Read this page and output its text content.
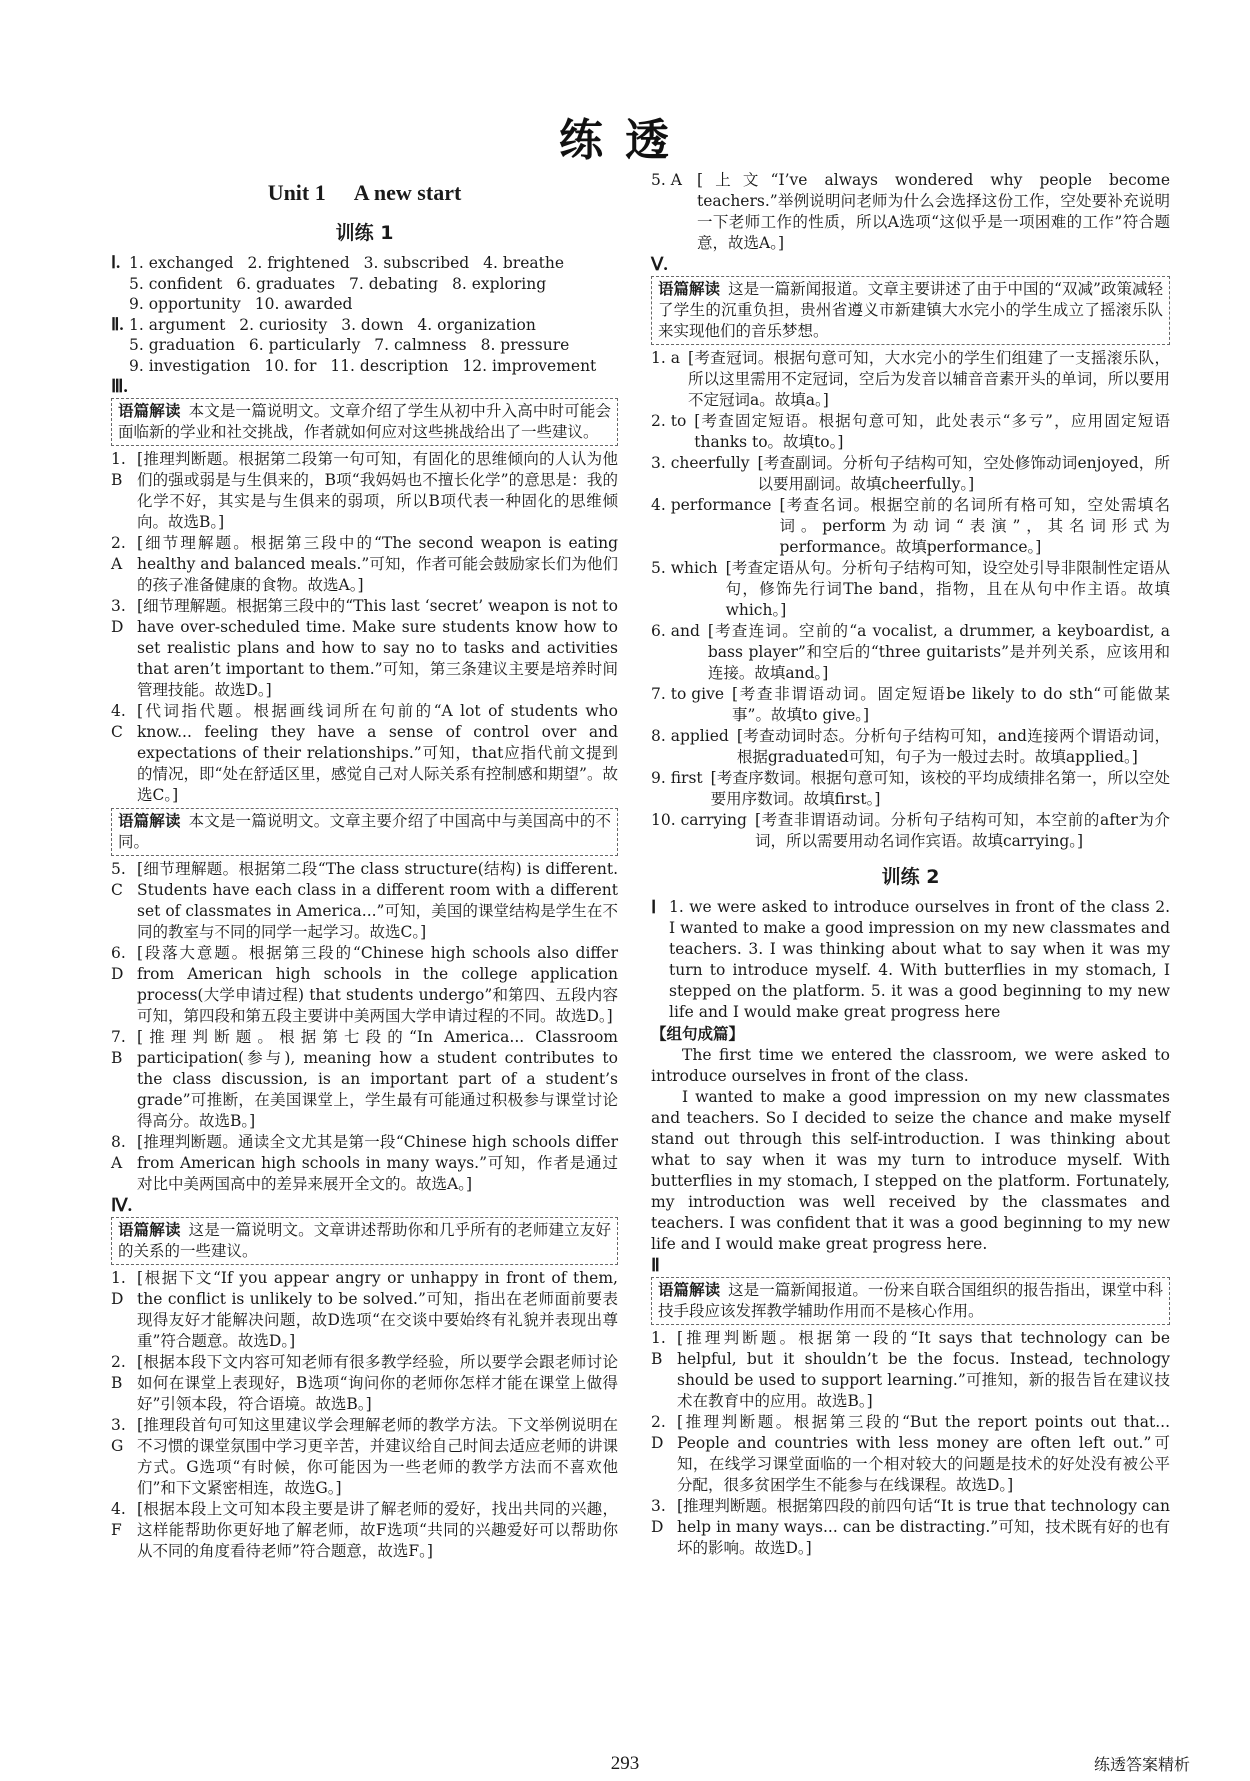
练透
Unit 1 A new start
训练 1
Ⅰ. 1. exchanged 2. frightened 3. subscribed 4. breathe 5. confident 6. graduates 7. debating 8. exploring 9. opportunity 10. awarded
Ⅱ. 1. argument 2. curiosity 3. down 4. organization 5. graduation 6. particularly 7. calmness 8. pressure 9. investigation 10. for 11. description 12. improvement
Ⅲ.
语篇解读 本文是一篇说明文。文章介绍了学生从初中升入高中时可能会面临新的学业和社交挑战，作者就如何应对这些挑战给出了一些建议。
1. B
[推理判断题。根据第二段第一句可知，有固化的思维倾向的人认为他们的强或弱是与生俱来的，B项“我妈妈也不擅长化学”的意思是：我的化学不好，其实是与生俱来的弱项，所以B项代表一种固化的思维倾向。故选B。]
2. A
[细节理解题。根据第三段中的“The second weapon is eating healthy and balanced meals.”可知，作者可能会鼓励家长们为他们的孩子准备健康的食物。故选A。]
3. D
[细节理解题。根据第三段中的“This last ‘secret’ weapon is not to have over-scheduled time. Make sure students know how to set realistic plans and how to say no to tasks and activities that aren’t important to them.”可知，第三条建议主要是培养时间管理技能。故选D。]
4. C
[代词指代题。根据画线词所在句前的“A lot of students who know... feeling they have a sense of control over and expectations of their relationships.”可知，that应指代前文提到的情况，即“处在舒适区里，感觉自己对人际关系有控制感和期望”。故选C。]
语篇解读 本文是一篇说明文。文章主要介绍了中国高中与美国高中的不同。
5. C
[细节理解题。根据第二段“The class structure(结构) is different. Students have each class in a different room with a different set of classmates in America...”可知，美国的课堂结构是学生在不同的教室与不同的同学一起学习。故选C。]
6. D
[段落大意题。根据第三段的“Chinese high schools also differ from American high schools in the college application process(大学申请过程) that students undergo”和第四、五段内容可知，第四段和第五段主要讲中美两国大学申请过程的不同。故选D。]
7. B
[推理判断题。根据第七段的“In America... Classroom participation(参与), meaning how a student contributes to the class discussion, is an important part of a student’s grade”可推断，在美国课堂上，学生最有可能通过积极参与课堂讨论得高分。故选B。]
8. A
[推理判断题。通读全文尤其是第一段“Chinese high schools differ from American high schools in many ways.”可知，作者是通过对比中美两国高中的差异来展开全文的。故选A。]
Ⅳ.
语篇解读 这是一篇说明文。文章讲述帮助你和几乎所有的老师建立友好的关系的一些建议。
1. D
[根据下文“If you appear angry or unhappy in front of them, the conflict is unlikely to be solved.”可知，指出在老师面前要表现得友好才能解决问题，故D选项“在交谈中要始终有礼貌并表现出尊重”符合题意。故选D。]
2. B
[根据本段下文内容可知老师有很多教学经验，所以要学会跟老师讨论如何在课堂上表现好，B选项“询问你的老师你怎样才能在课堂上做得好”引领本段，符合语境。故选B。]
3. G
[推理段首句可知这里建议学会理解老师的教学方法。下文举例说明在不习惯的课堂氛围中学习更辛苦，并建议给自己时间去适应老师的讲课方式。G选项“有时候，你可能因为一些老师的教学方法而不喜欢他们”和下文紧密相连，故选G。]
4. F
[根据本段上文可知本段主要是讲了解老师的爱好，找出共同的兴趣，这样能帮助你更好地了解老师，故F选项“共同的兴趣爱好可以帮助你从不同的角度看待老师”符合题意，故选F。]
5. A [上文“I’ve always wondered why people become teachers.”举例说明问老师为什么会选择这份工作，空处要补充说明一下老师工作的性质，所以A选项“这似乎是一项困难的工作”符合题意，故选A。]
Ⅴ.
语篇解读 这是一篇新闻报道。文章主要讲述了由于中国的“双减”政策减轻了学生的沉重负担，贵州省遵义市新建镇大水完小的学生成立了摇滚乐队来实现他们的音乐梦想。
1. a [考查冠词。根据句意可知，大水完小的学生们组建了一支摇滚乐队，所以这里需用不定冠词，空后为发音以辅音音素开头的单词，所以要用不定冠词a。故填a。]
2. to [考查固定短语。根据句意可知，此处表示“多亏”，应用固定短语thanks to。故填to。]
3. cheerfully [考查副词。分析句子结构可知，空处修饰动词enjoyed，所以要用副词。故填cheerfully。]
4. performance [考查名词。根据空前的名词所有格可知，空处需填名词。perform为动词“表演”，其名词形式为performance。故填performance。]
5. which [考查定语从句。分析句子结构可知，设空处引导非限制性定语从句，修饰先行词The band，指物，且在从句中作主语。故填which。]
6. and [考查连词。空前的“a vocalist, a drummer, a keyboardist, a bass player”和空后的“three guitarists”是并列关系，应该用和连接。故填and。]
7. to give [考查非谓语动词。固定短语be likely to do sth“可能做某事”。故填to give。]
8. applied [考查动词时态。分析句子结构可知，and连接两个谓语动词，根据graduated可知，句子为一般过去时。故填applied。]
9. first [考查序数词。根据句意可知，该校的平均成绩排名第一，所以空处要用序数词。故填first。]
10. carrying [考查非谓语动词。分析句子结构可知，本空前的after为介词，所以需要用动名词作宾语。故填carrying。]
训练 2
Ⅰ 1. we were asked to introduce ourselves in front of the class 2. I wanted to make a good impression on my new classmates and teachers. 3. I was thinking about what to say when it was my turn to introduce myself. 4. With butterflies in my stomach, I stepped on the platform. 5. it was a good beginning to my new life and I would make great progress here
【组句成篇】

The first time we entered the classroom, we were asked to introduce ourselves in front of the class.

I wanted to make a good impression on my new classmates and teachers. So I decided to seize the chance and make myself stand out through this self-introduction. I was thinking about what to say when it was my turn to introduce myself. With butterflies in my stomach, I stepped on the platform. Fortunately, my introduction was well received by the classmates and teachers. I was confident that it was a good beginning to my new life and I would make great progress here.

Ⅱ
语篇解读 这是一篇新闻报道。一份来自联合国组织的报告指出，课堂中科技手段应该发挥教学辅助作用而不是核心作用。
1. B
[推理判断题。根据第一段的“It says that technology can be helpful, but it shouldn’t be the focus. Instead, technology should be used to support learning.”可推知，新的报告旨在建议技术在教育中的应用。故选B。]
2. D
[推理判断题。根据第三段的“But the report points out that... People and countries with less money are often left out.”可知，在线学习课堂面临的一个相对较大的问题是技术的好处没有被公平分配，很多贫困学生不能参与在线课程。故选D。]
3. D
[推理判断题。根据第四段的前四句话“It is true that technology can help in many ways... can be distracting.”可知，技术既有好的也有坏的影响。故选D。]
293	练透答案精析
